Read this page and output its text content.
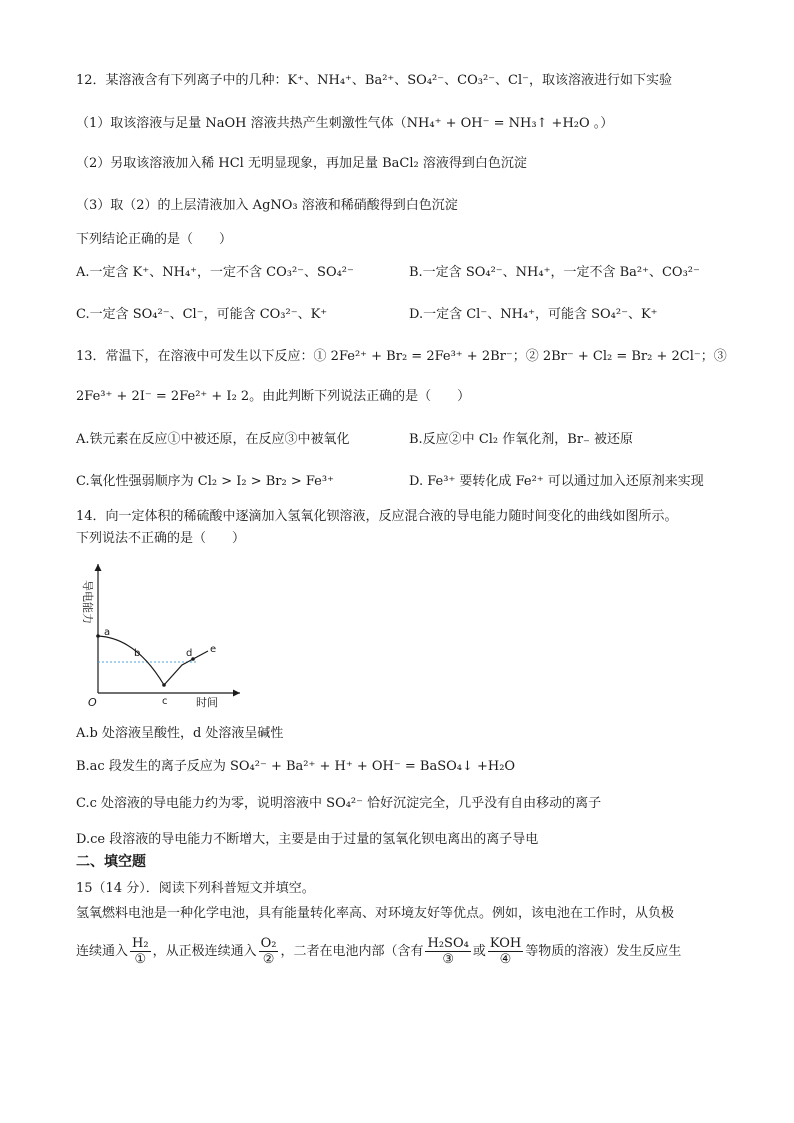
12．某溶液含有下列离子中的几种：K⁺、NH₄⁺、Ba²⁺、SO₄²⁻、CO₃²⁻、Cl⁻，取该溶液进行如下实验
（1）取该溶液与足量 NaOH 溶液共热产生刺激性气体（NH₄⁺ + OH⁻ = NH₃↑ +H₂O 。）
（2）另取该溶液加入稀 HCl 无明显现象，再加足量 BaCl₂ 溶液得到白色沉淀
（3）取（2）的上层清液加入 AgNO₃ 溶液和稀硝酸得到白色沉淀
下列结论正确的是（　　）
A.一定含 K⁺、NH₄⁺，一定不含 CO₃²⁻、SO₄²⁻	B.一定含 SO₄²⁻、NH₄⁺，一定不含 Ba²⁺、CO₃²⁻
C.一定含 SO₄²⁻、Cl⁻，可能含 CO₃²⁻、K⁺	D.一定含 Cl⁻、NH₄⁺，可能含 SO₄²⁻、K⁺
13．常温下，在溶液中可发生以下反应：① 2Fe²⁺ + Br₂ = 2Fe³⁺ + 2Br⁻；② 2Br⁻ + Cl₂ = Br₂ + 2Cl⁻；③
2Fe³⁺ + 2I⁻ = 2Fe²⁺ + I₂ 2。由此判断下列说法正确的是（　　）
A.铁元素在反应①中被还原，在反应③中被氧化	B.反应②中 Cl₂ 作氧化剂，Br₋ 被还原
C.氧化性强弱顺序为 Cl₂ > I₂ > Br₂ > Fe³⁺	D. Fe³⁺ 要转化成 Fe²⁺ 可以通过加入还原剂来实现
14．向一定体积的稀硫酸中逐滴加入氢氧化钡溶液，反应混合液的导电能力随时间变化的曲线如图所示。
下列说法不正确的是（　　）
导电能力
时间
O
a
b
c
d e
A.b 处溶液呈酸性，d 处溶液呈碱性
B.ac 段发生的离子反应为 SO₄²⁻ + Ba²⁺ + H⁺ + OH⁻ = BaSO₄↓ +H₂O
C.c 处溶液的导电能力约为零，说明溶液中 SO₄²⁻ 恰好沉淀完全，几乎没有自由移动的离子
D.ce 段溶液的导电能力不断增大，主要是由于过量的氢氧化钡电离出的离子导电
二、填空题
15（14 分）．阅读下列科普短文并填空。
氢氧燃料电池是一种化学电池，具有能量转化率高、对环境友好等优点。例如，该电池在工作时，从负极
连续通入 $\frac{\text{H₂}}{\text{①}}$ ，从正极连续通入 $\frac{\text{O₂}}{\text{②}}$ ，二者在电池内部（含有 $\frac{\text{H₂SO₄}}{\text{③}}$ 或 $\frac{\text{KOH}}{\text{④}}$ 等物质的溶液）发生反应生
